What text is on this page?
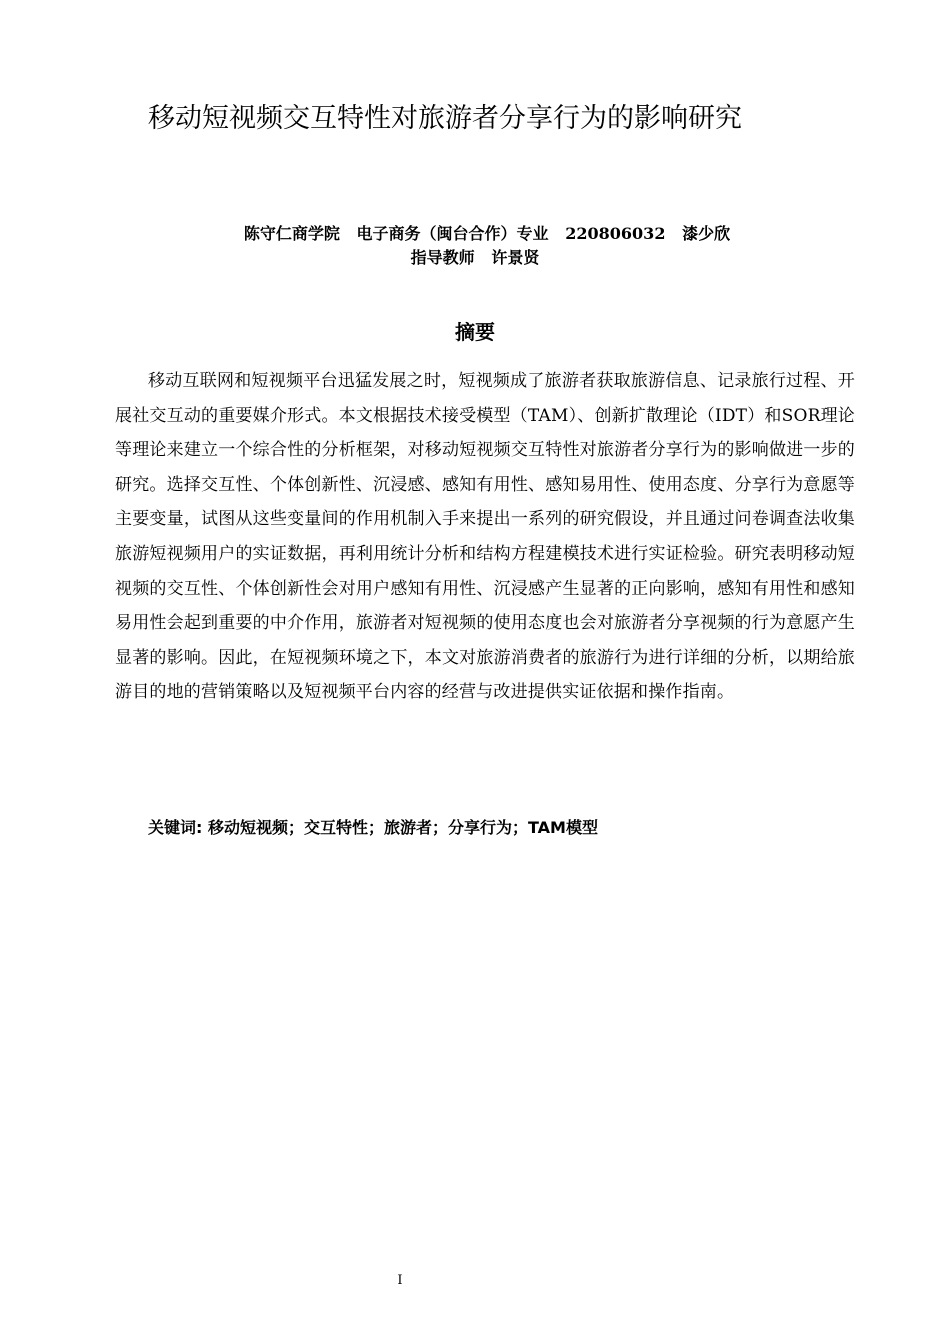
移动短视频交互特性对旅游者分享行为的影响研究
陈守仁商学院   电子商务（闽台合作）专业   220806032   漆少欣
指导教师   许景贤
摘要

移动互联网和短视频平台迅猛发展之时，短视频成了旅游者获取旅游信息、记录旅行过程、开展社交互动的重要媒介形式。本文根据技术接受模型（TAM）、创新扩散理论（IDT）和SOR理论等理论来建立一个综合性的分析框架，对移动短视频交互特性对旅游者分享行为的影响做进一步的研究。选择交互性、个体创新性、沉浸感、感知有用性、感知易用性、使用态度、分享行为意愿等主要变量，试图从这些变量间的作用机制入手来提出一系列的研究假设，并且通过问卷调查法收集旅游短视频用户的实证数据，再利用统计分析和结构方程建模技术进行实证检验。研究表明移动短视频的交互性、个体创新性会对用户感知有用性、沉浸感产生显著的正向影响，感知有用性和感知易用性会起到重要的中介作用，旅游者对短视频的使用态度也会对旅游者分享视频的行为意愿产生显著的影响。因此，在短视频环境之下，本文对旅游消费者的旅游行为进行详细的分析，以期给旅游目的地的营销策略以及短视频平台内容的经营与改进提供实证依据和操作指南。

关键词: 移动短视频；交互特性；旅游者；分享行为；TAM模型
I
